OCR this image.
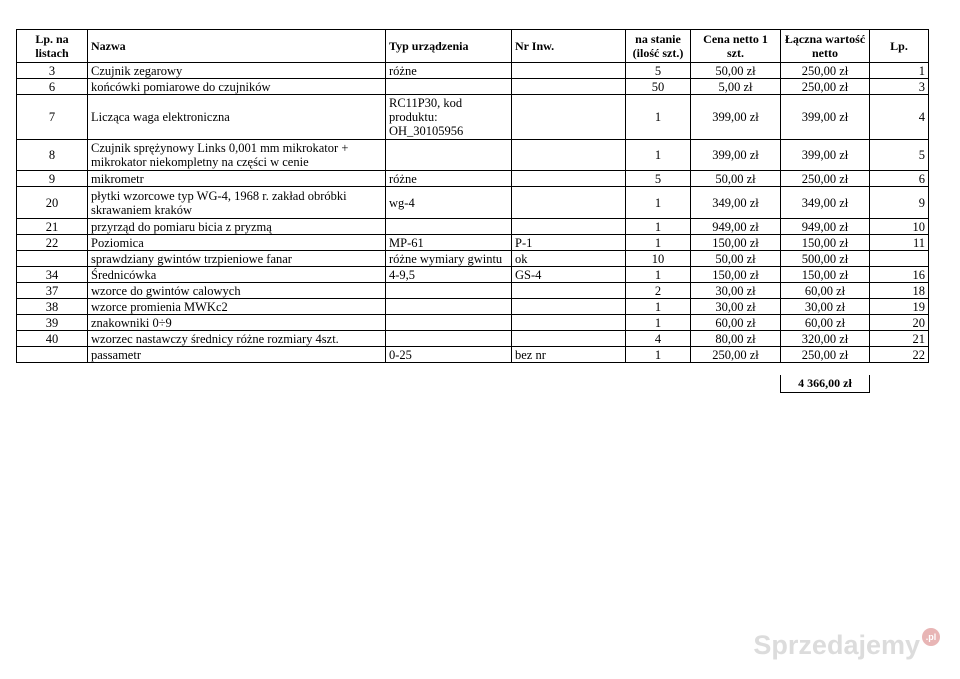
Lp. na listach	Nazwa	Typ urządzenia	Nr Inw.	na stanie (ilość szt.)	Cena netto 1 szt.	Łączna wartość netto	Lp.
3	Czujnik zegarowy	różne		5	50,00 zł	250,00 zł	1
6	końcówki pomiarowe do czujników			50	5,00 zł	250,00 zł	3
7	Licząca waga elektroniczna	RC11P30, kod produktu: OH_30105956		1	399,00 zł	399,00 zł	4
8	Czujnik sprężynowy Links 0,001 mm mikrokator + mikrokator niekompletny na części w cenie			1	399,00 zł	399,00 zł	5
9	mikrometr	różne		5	50,00 zł	250,00 zł	6
20	płytki wzorcowe typ WG-4, 1968 r. zakład obróbki skrawaniem kraków	wg-4		1	349,00 zł	349,00 zł	9
21	przyrząd do pomiaru bicia z pryzmą			1	949,00 zł	949,00 zł	10
22	Poziomica	MP-61	P-1	1	150,00 zł	150,00 zł	11
	sprawdziany gwintów trzpieniowe fanar	różne wymiary gwintu	ok	10	50,00 zł	500,00 zł	
34	Średnicówka	4-9,5	GS-4	1	150,00 zł	150,00 zł	16
37	wzorce do gwintów calowych			2	30,00 zł	60,00 zł	18
38	wzorce promienia MWKc2			1	30,00 zł	30,00 zł	19
39	znakowniki 0÷9			1	60,00 zł	60,00 zł	20
40	wzorzec nastawczy średnicy różne rozmiary 4szt.			4	80,00 zł	320,00 zł	21
	passametr	0-25	bez nr	1	250,00 zł	250,00 zł	22
4 366,00 zł
Sprzedajemy .pl
